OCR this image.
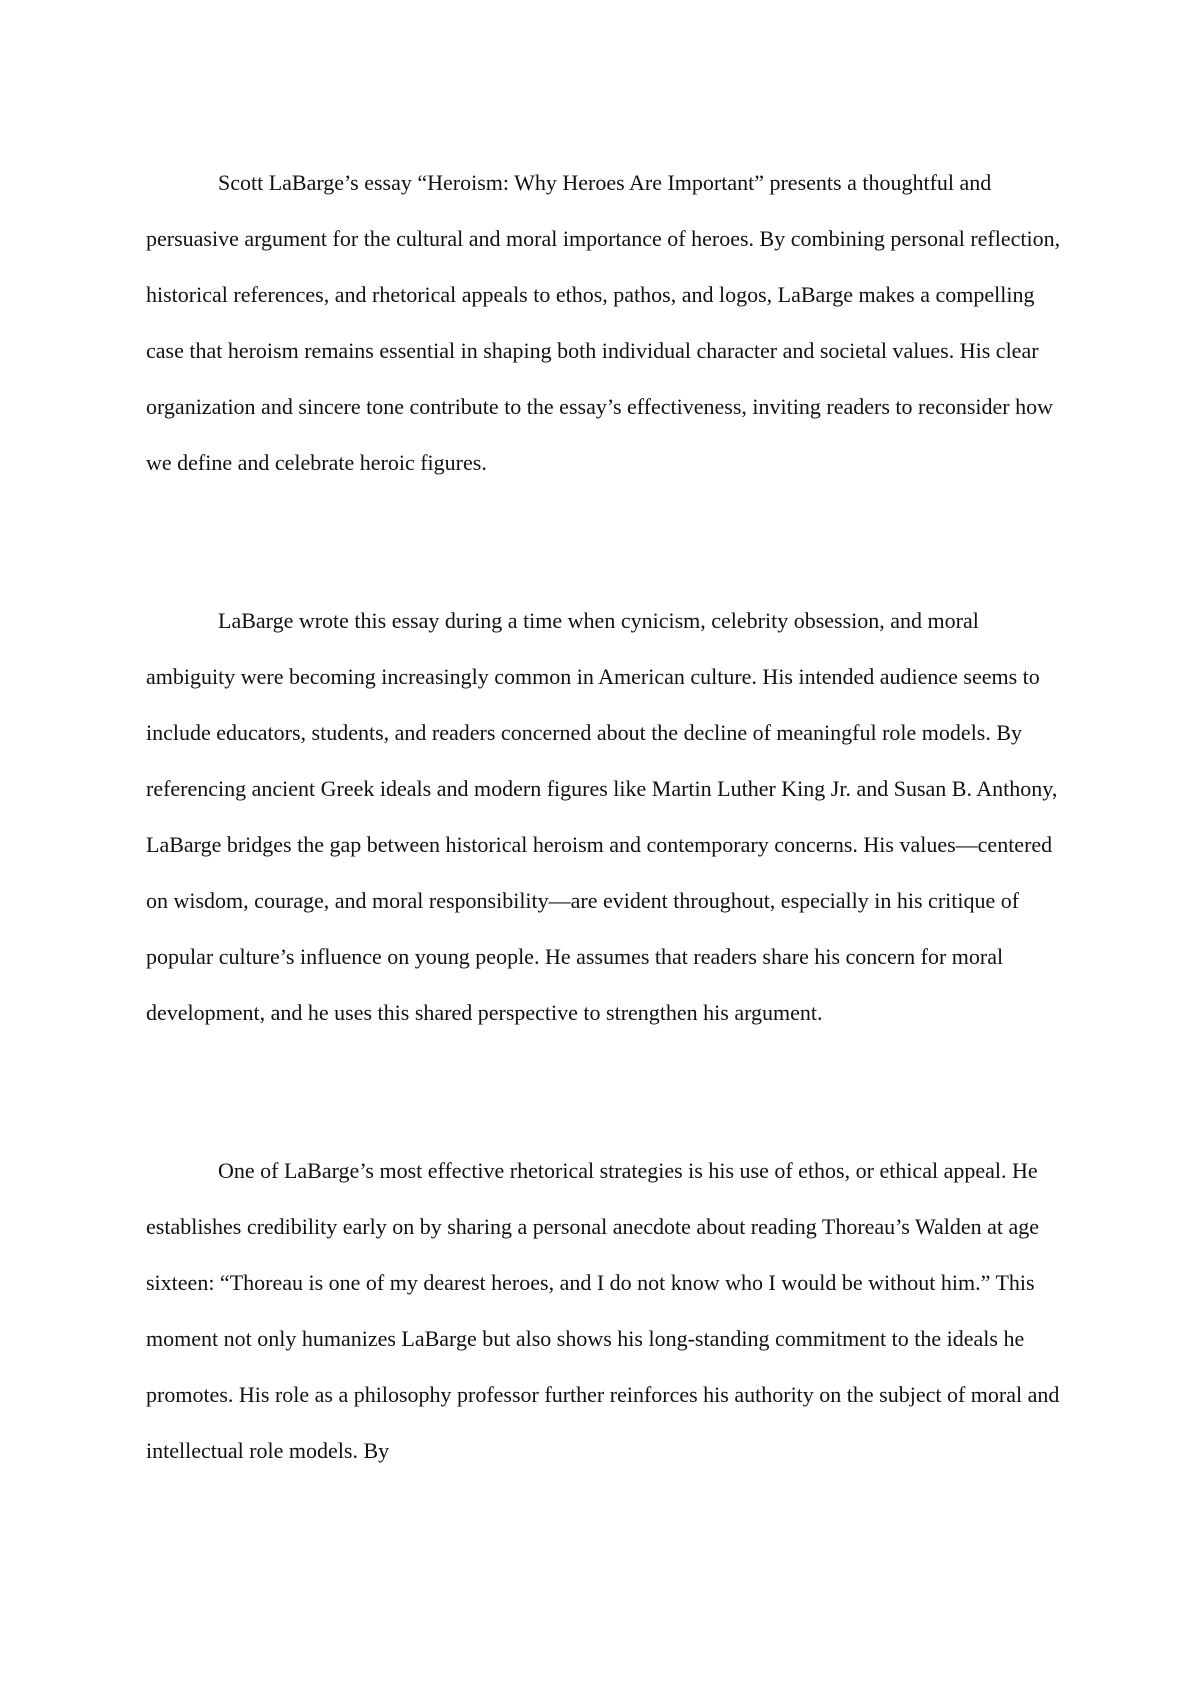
Scott LaBarge’s essay “Heroism: Why Heroes Are Important” presents a thoughtful and persuasive argument for the cultural and moral importance of heroes. By combining personal reflection, historical references, and rhetorical appeals to ethos, pathos, and logos, LaBarge makes a compelling case that heroism remains essential in shaping both individual character and societal values. His clear organization and sincere tone contribute to the essay’s effectiveness, inviting readers to reconsider how we define and celebrate heroic figures.

LaBarge wrote this essay during a time when cynicism, celebrity obsession, and moral ambiguity were becoming increasingly common in American culture. His intended audience seems to include educators, students, and readers concerned about the decline of meaningful role models. By referencing ancient Greek ideals and modern figures like Martin Luther King Jr. and Susan B. Anthony, LaBarge bridges the gap between historical heroism and contemporary concerns. His values—centered on wisdom, courage, and moral responsibility—are evident throughout, especially in his critique of popular culture’s influence on young people. He assumes that readers share his concern for moral development, and he uses this shared perspective to strengthen his argument.

One of LaBarge’s most effective rhetorical strategies is his use of ethos, or ethical appeal. He establishes credibility early on by sharing a personal anecdote about reading Thoreau’s Walden at age sixteen: “Thoreau is one of my dearest heroes, and I do not know who I would be without him.” This moment not only humanizes LaBarge but also shows his long-standing commitment to the ideals he promotes. His role as a philosophy professor further reinforces his authority on the subject of moral and intellectual role models. By
